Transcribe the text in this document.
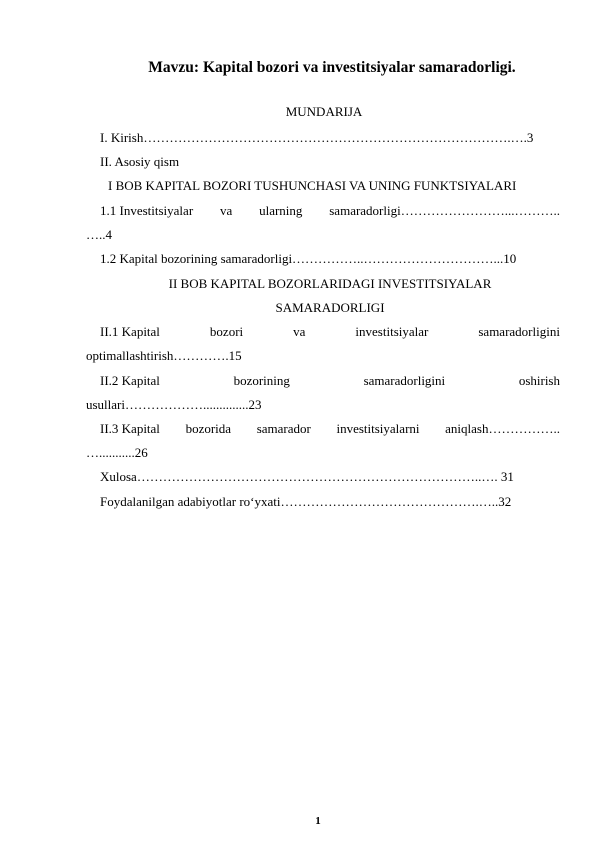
Mavzu: Kapital bozori va investitsiyalar samaradorligi.
MUNDARIJA
I. Kirish………………………………………………………………………….….3
II. Asosiy qism
I BOB KAPITAL BOZORI TUSHUNCHASI VA UNING FUNKTSIYALARI
1.1 Investitsiyalar va ularning samaradorligi……………………...………..
…..4
1.2 Kapital bozorining samaradorligi……………..…………………………...10
II BOB KAPITAL BOZORLARIDAGI INVESTITSIYALAR
SAMARADORLIGI
II.1 Kapital	bozori	va	investitsiyalar	samaradorligini
optimallashtirish………….15
II.2 Kapital	bozorining	samaradorligini	oshirish
usullari………………..............23
II.3 Kapital bozorida samarador investitsiyalarni aniqlash……………..
…...........26
Xulosa……………………………………………………………………..…. 31
Foydalanilgan adabiyotlar ro‘yxati……………………………………….…..32
1
